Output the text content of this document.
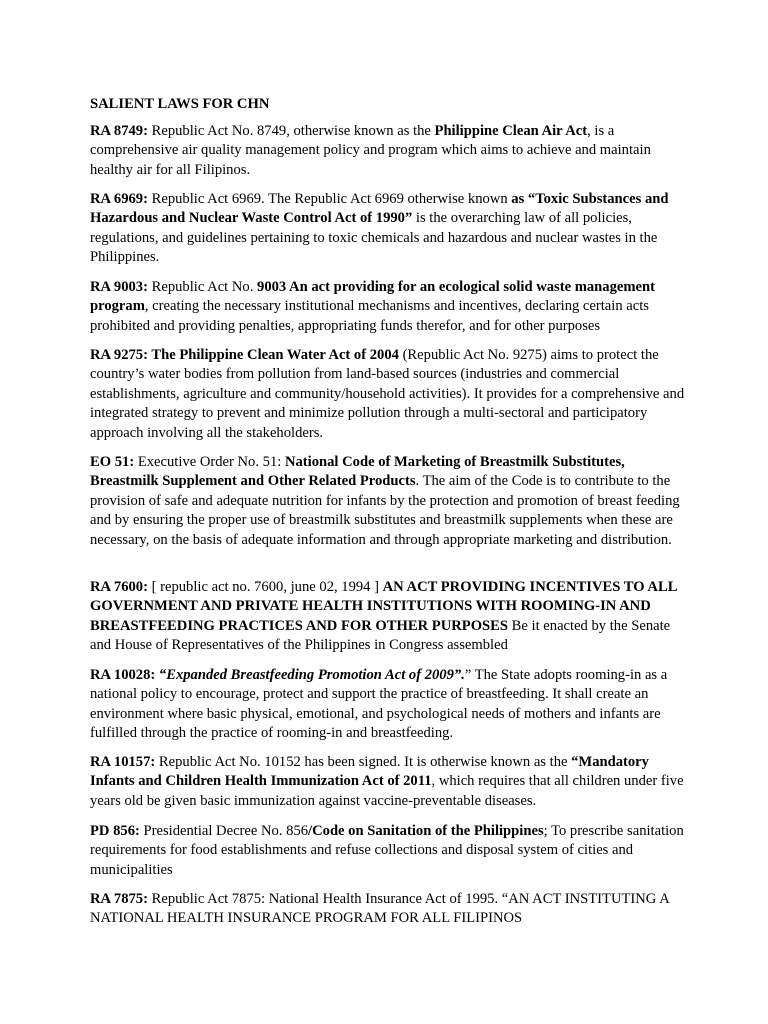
SALIENT LAWS FOR CHN

RA 8749: Republic Act No. 8749, otherwise known as the Philippine Clean Air Act, is a comprehensive air quality management policy and program which aims to achieve and maintain healthy air for all Filipinos.

RA 6969: Republic Act 6969. The Republic Act 6969 otherwise known as “Toxic Substances and Hazardous and Nuclear Waste Control Act of 1990” is the overarching law of all policies, regulations, and guidelines pertaining to toxic chemicals and hazardous and nuclear wastes in the Philippines.

RA 9003: Republic Act No. 9003 An act providing for an ecological solid waste management program, creating the necessary institutional mechanisms and incentives, declaring certain acts prohibited and providing penalties, appropriating funds therefor, and for other purposes

RA 9275: The Philippine Clean Water Act of 2004 (Republic Act No. 9275) aims to protect the country’s water bodies from pollution from land-based sources (industries and commercial establishments, agriculture and community/household activities). It provides for a comprehensive and integrated strategy to prevent and minimize pollution through a multi-sectoral and participatory approach involving all the stakeholders.

EO 51: Executive Order No. 51: National Code of Marketing of Breastmilk Substitutes, Breastmilk Supplement and Other Related Products. The aim of the Code is to contribute to the provision of safe and adequate nutrition for infants by the protection and promotion of breast feeding and by ensuring the proper use of breastmilk substitutes and breastmilk supplements when these are necessary, on the basis of adequate information and through appropriate marketing and distribution.

RA 7600: [ republic act no. 7600, june 02, 1994 ] AN ACT PROVIDING INCENTIVES TO ALL GOVERNMENT AND PRIVATE HEALTH INSTITUTIONS WITH ROOMING-IN AND BREASTFEEDING PRACTICES AND FOR OTHER PURPOSES Be it enacted by the Senate and House of Representatives of the Philippines in Congress assembled

RA 10028: “Expanded Breastfeeding Promotion Act of 2009”.” The State adopts rooming-in as a national policy to encourage, protect and support the practice of breastfeeding. It shall create an environment where basic physical, emotional, and psychological needs of mothers and infants are fulfilled through the practice of rooming-in and breastfeeding.

RA 10157: Republic Act No. 10152 has been signed. It is otherwise known as the “Mandatory Infants and Children Health Immunization Act of 2011, which requires that all children under five years old be given basic immunization against vaccine-preventable diseases.

PD 856: Presidential Decree No. 856/Code on Sanitation of the Philippines; To prescribe sanitation requirements for food establishments and refuse collections and disposal system of cities and municipalities

RA 7875: Republic Act 7875: National Health Insurance Act of 1995. “AN ACT INSTITUTING A NATIONAL HEALTH INSURANCE PROGRAM FOR ALL FILIPINOS
